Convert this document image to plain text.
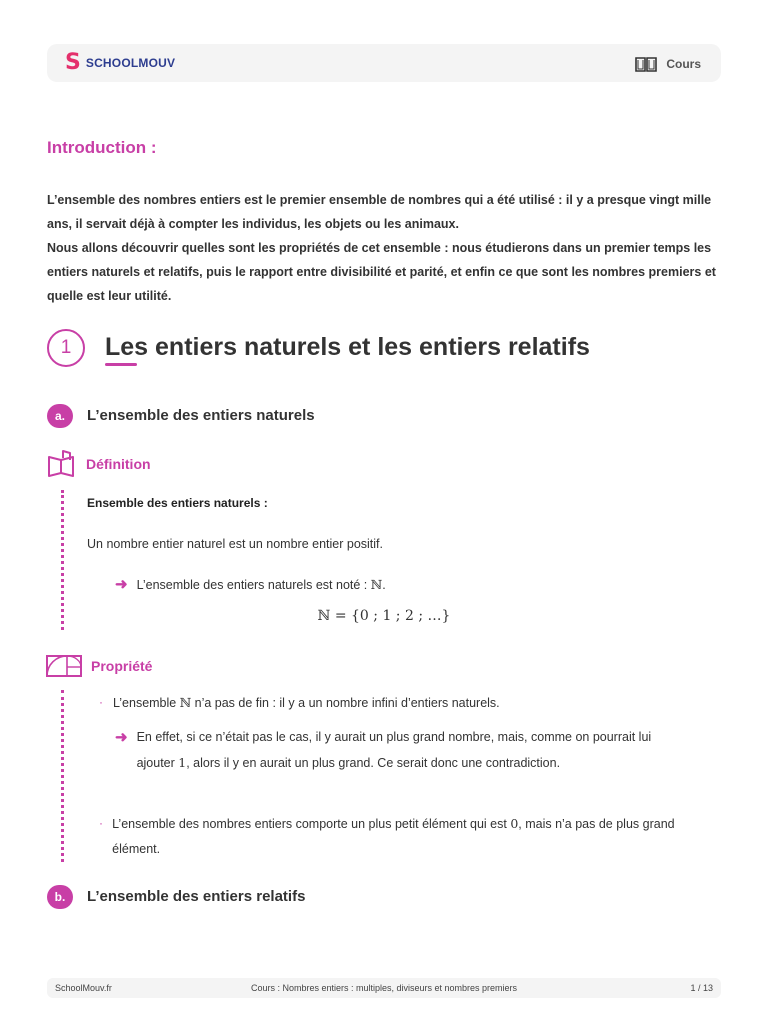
S SCHOOLMOUV	Cours
Introduction :

L’ensemble des nombres entiers est le premier ensemble de nombres qui a été utilisé : il y a presque vingt mille ans, il servait déjà à compter les individus, les objets ou les animaux.

Nous allons découvrir quelles sont les propriétés de cet ensemble : nous étudierons dans un premier temps les entiers naturels et relatifs, puis le rapport entre divisibilité et parité, et enfin ce que sont les nombres premiers et quelle est leur utilité.

1	Les entiers naturels et les entiers relatifs
a.	L’ensemble des entiers naturels
Définition
Ensemble des entiers naturels :
Un nombre entier naturel est un nombre entier positif.
➜ L’ensemble des entiers naturels est noté : ℕ.
ℕ = {0 ; 1 ; 2 ; …}
Propriété
· L’ensemble ℕ n’a pas de fin : il y a un nombre infini d’entiers naturels.
➜ En effet, si ce n’était pas le cas, il y aurait un plus grand nombre, mais, comme on pourrait lui ajouter 1, alors il y en aurait un plus grand. Ce serait donc une contradiction.
· L’ensemble des nombres entiers comporte un plus petit élément qui est 0, mais n’a pas de plus grand élément.
b.	L’ensemble des entiers relatifs
SchoolMouv.fr	Cours : Nombres entiers : multiples, diviseurs et nombres premiers	1 / 13
